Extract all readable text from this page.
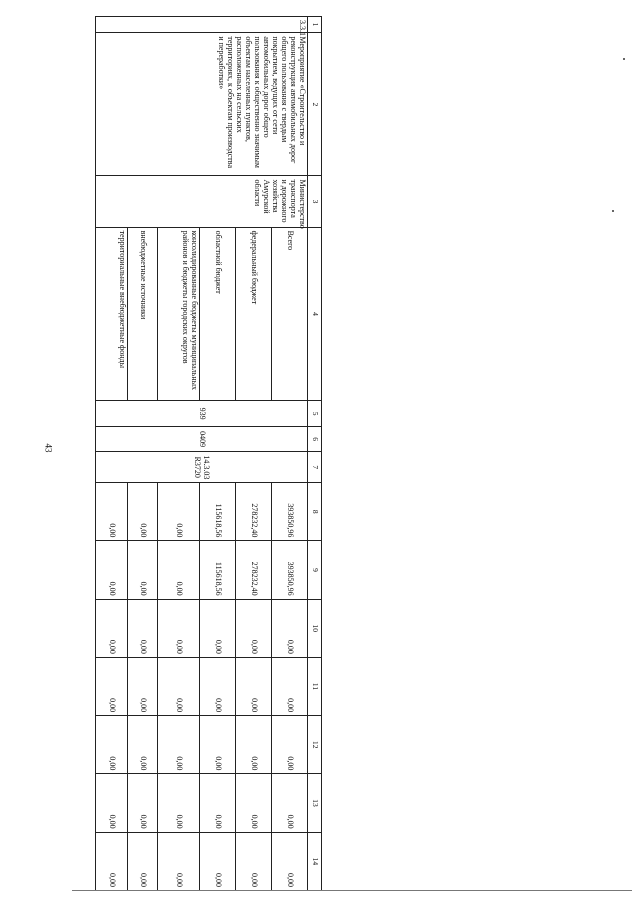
43
1	2	3	4	5	6	7	8	9	10	11	12	13	14
3.3.1	Мероприятие «Строительство и реконструкция автомобильных дорог общего пользования с твердым покрытием, ведущих от сети автомобильных дорог общего пользования к общественно значимым объектам населенных пунктов, расположенных на сельских территориях, к объектам производства и переработки»	Министерство транспорта и дорожного хозяйства Амурской области	Всего	939	0409	14.3.03 R3720	393850,96	393850,96	0,00	0,00	0,00	0,00	0,00
			федеральный бюджет				278232,40	278232,40	0,00	0,00	0,00	0,00	0,00
			областной бюджет				115618,56	115618,56	0,00	0,00	0,00	0,00	0,00
			консолидированные бюджеты муниципальных районов и бюджеты городских округов				0,00	0,00	0,00	0,00	0,00	0,00	0,00
			внебюджетные источники				0,00	0,00	0,00	0,00	0,00	0,00	0,00
			территориальные внебюджетные фонды				0,00	0,00	0,00	0,00	0,00	0,00	0,00
